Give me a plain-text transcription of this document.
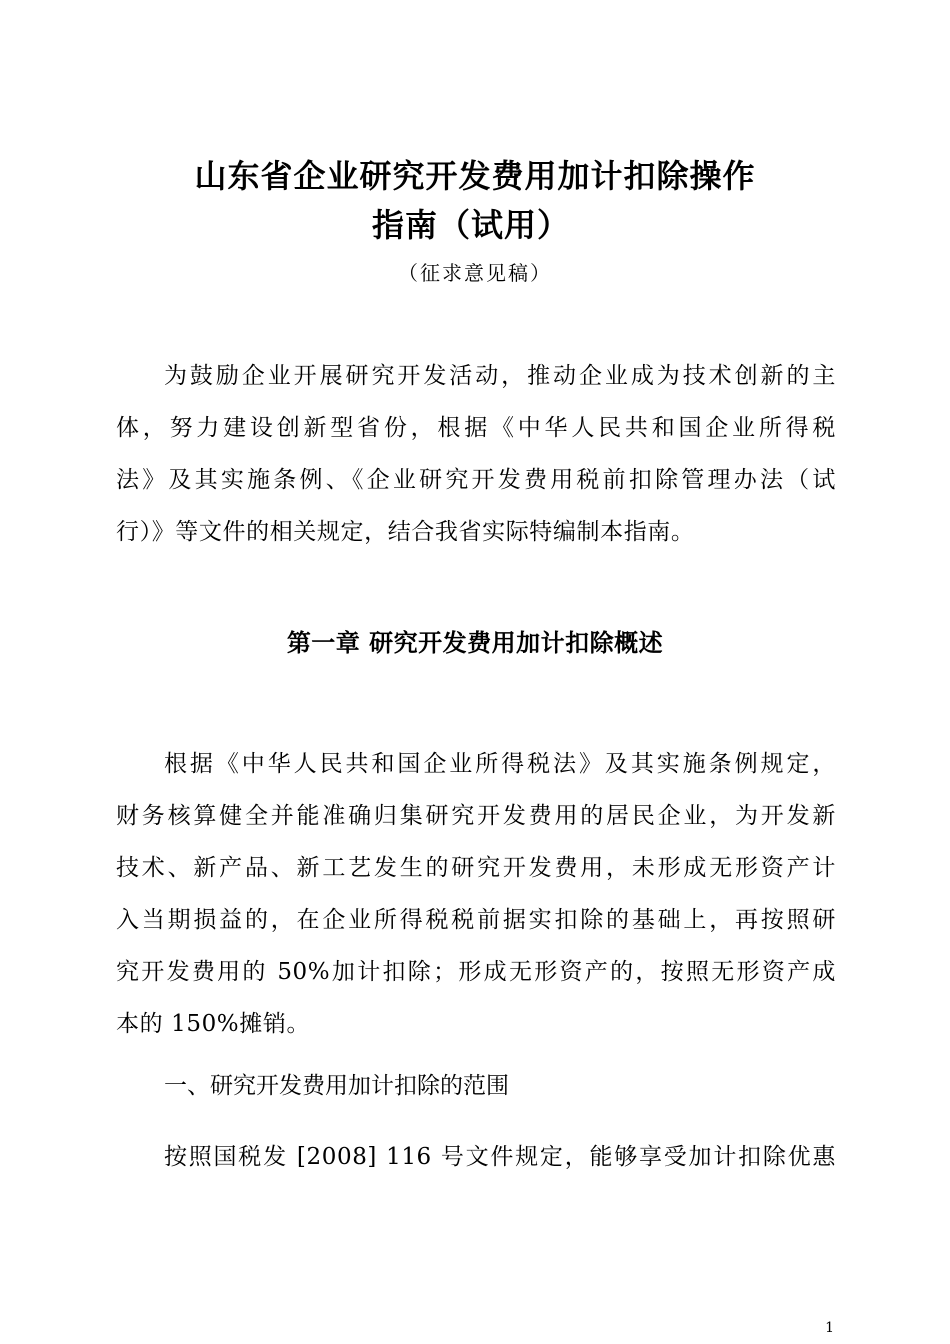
山东省企业研究开发费用加计扣除操作
指南（试用）
（征求意见稿）
为鼓励企业开展研究开发活动，推动企业成为技术创新的主
体，努力建设创新型省份，根据《中华人民共和国企业所得税
法》及其实施条例、《企业研究开发费用税前扣除管理办法（试
行）》等文件的相关规定，结合我省实际特编制本指南。
第一章 研究开发费用加计扣除概述
根据《中华人民共和国企业所得税法》及其实施条例规定，
财务核算健全并能准确归集研究开发费用的居民企业，为开发新
技术、新产品、新工艺发生的研究开发费用，未形成无形资产计
入当期损益的，在企业所得税税前据实扣除的基础上，再按照研
究开发费用的 50%加计扣除；形成无形资产的，按照无形资产成
本的 150%摊销。
一、研究开发费用加计扣除的范围
按照国税发 [2008] 116 号文件规定，能够享受加计扣除优惠
1
